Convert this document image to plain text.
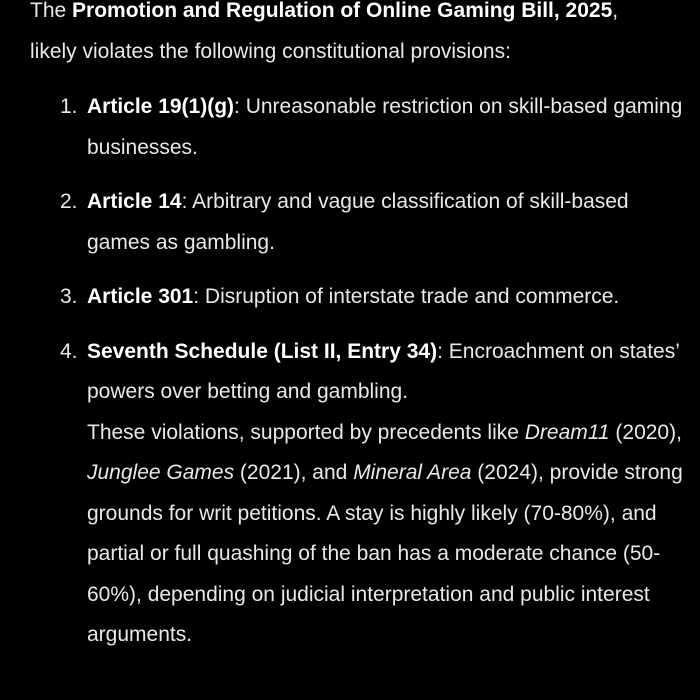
The Promotion and Regulation of Online Gaming Bill, 2025,
likely violates the following constitutional provisions:

1. Article 19(1)(g): Unreasonable restriction on skill-based gaming businesses.
2. Article 14: Arbitrary and vague classification of skill-based games as gambling.
3. Article 301: Disruption of interstate trade and commerce.
4. Seventh Schedule (List II, Entry 34): Encroachment on states’ powers over betting and gambling.
These violations, supported by precedents like Dream11 (2020), Junglee Games (2021), and Mineral Area (2024), provide strong grounds for writ petitions. A stay is highly likely (70-80%), and partial or full quashing of the ban has a moderate chance (50-60%), depending on judicial interpretation and public interest arguments.
